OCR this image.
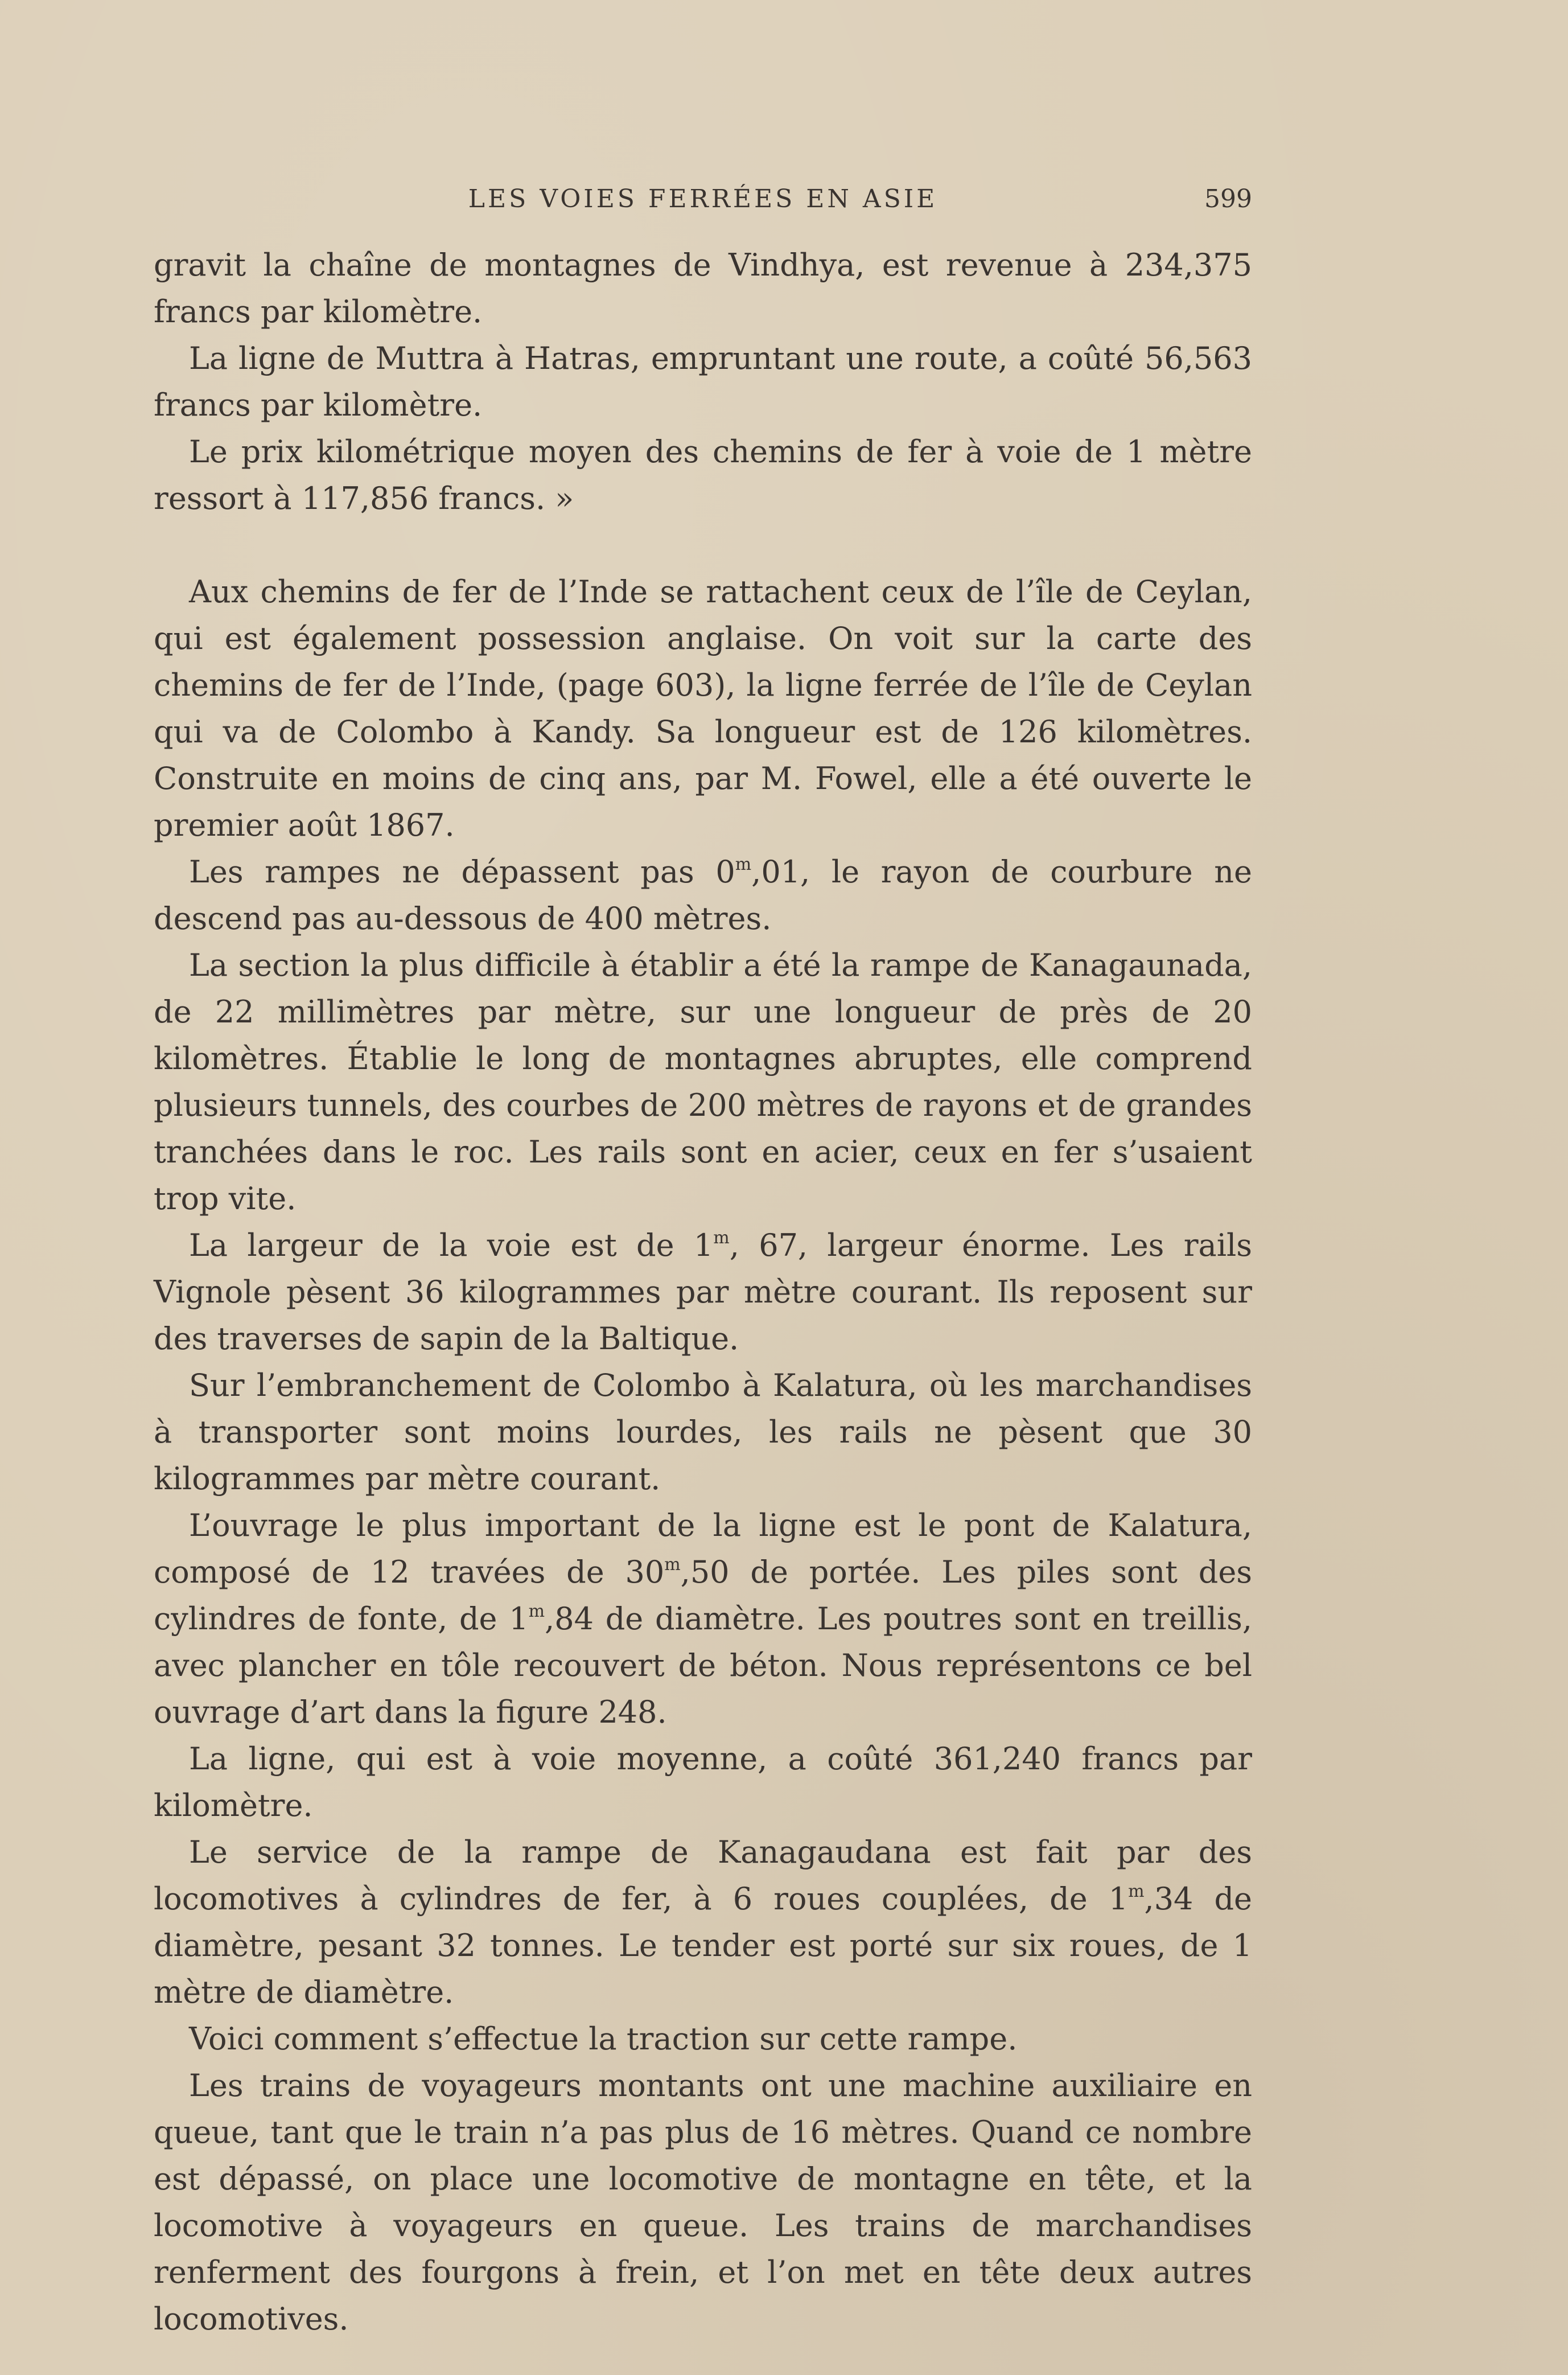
LES VOIES FERRÉES EN ASIE	599

gravit la chaîne de montagnes de Vindhya, est revenue à 234,375 francs par kilomètre.

La ligne de Muttra à Hatras, empruntant une route, a coûté 56,563 francs par kilomètre.

Le prix kilométrique moyen des chemins de fer à voie de 1 mètre ressort à 117,856 francs. »

Aux chemins de fer de l’Inde se rattachent ceux de l’île de Ceylan, qui est également possession anglaise. On voit sur la carte des chemins de fer de l’Inde, (page 603), la ligne ferrée de l’île de Ceylan qui va de Colombo à Kandy. Sa longueur est de 126 kilomètres. Construite en moins de cinq ans, par M. Fowel, elle a été ouverte le premier août 1867.

Les rampes ne dépassent pas 0$^m$,01, le rayon de courbure ne descend pas au-dessous de 400 mètres.

La section la plus difficile à établir a été la rampe de Kanagaunada, de 22 millimètres par mètre, sur une longueur de près de 20 kilomètres. Établie le long de montagnes abruptes, elle comprend plusieurs tunnels, des courbes de 200 mètres de rayons et de grandes tranchées dans le roc. Les rails sont en acier, ceux en fer s’usaient trop vite.

La largeur de la voie est de 1$^m$, 67, largeur énorme. Les rails Vignole pèsent 36 kilogrammes par mètre courant. Ils reposent sur des traverses de sapin de la Baltique.

Sur l’embranchement de Colombo à Kalatura, où les marchandises à transporter sont moins lourdes, les rails ne pèsent que 30 kilogrammes par mètre courant.

L’ouvrage le plus important de la ligne est le pont de Kalatura, composé de 12 travées de 30$^m$,50 de portée. Les piles sont des cylindres de fonte, de 1$^m$,84 de diamètre. Les poutres sont en treillis, avec plancher en tôle recouvert de béton. Nous représentons ce bel ouvrage d’art dans la figure 248.

La ligne, qui est à voie moyenne, a coûté 361,240 francs par kilomètre.

Le service de la rampe de Kanagaudana est fait par des locomotives à cylindres de fer, à 6 roues couplées, de 1$^m$,34 de diamètre, pesant 32 tonnes. Le tender est porté sur six roues, de 1 mètre de diamètre.

Voici comment s’effectue la traction sur cette rampe.

Les trains de voyageurs montants ont une machine auxiliaire en queue, tant que le train n’a pas plus de 16 mètres. Quand ce nombre est dépassé, on place une locomotive de montagne en tête, et la locomotive à voyageurs en queue. Les trains de marchandises renferment des fourgons à frein, et l’on met en tête deux autres locomotives.
